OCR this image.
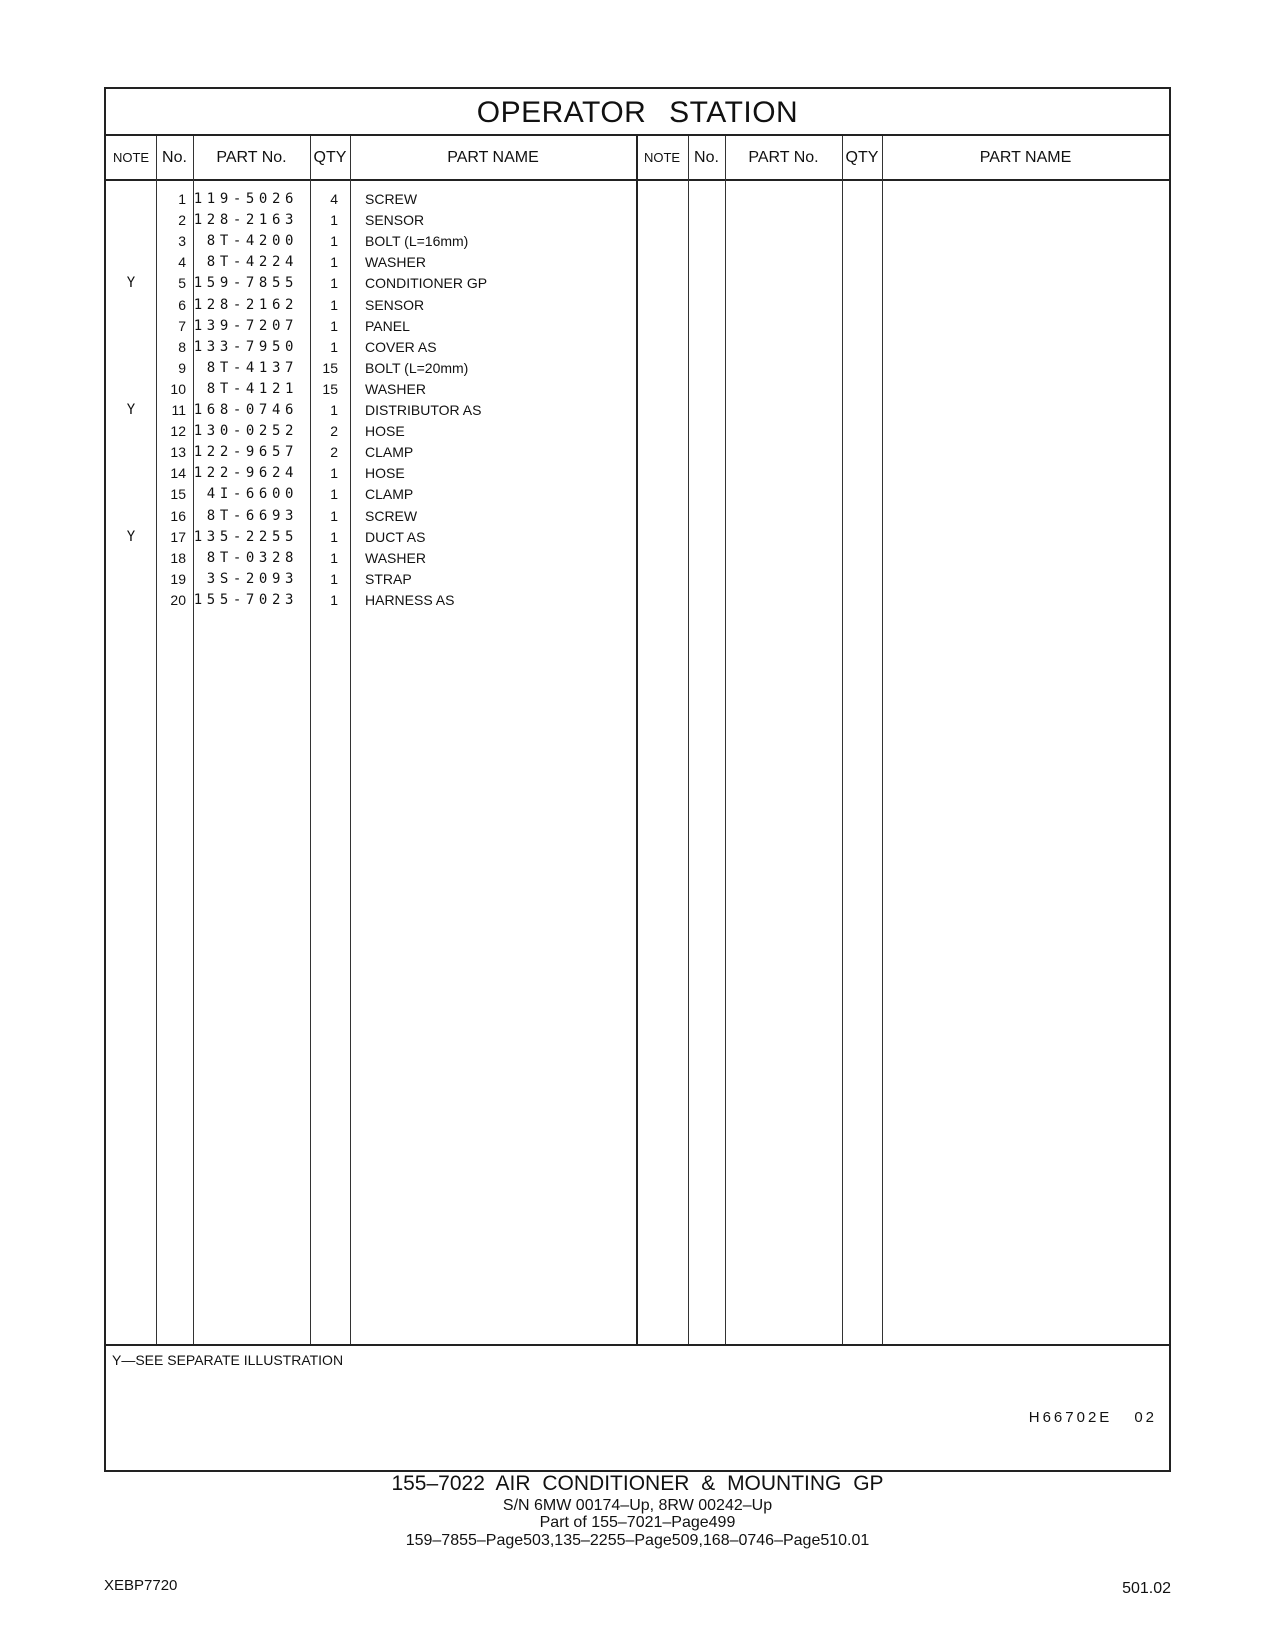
OPERATOR STATION
NOTE No.	PART No.	QTY	PART NAME	NOTE No.	PART No.	QTY	PART NAME
1 119-5026	4 SCREW
2 128-2163	1 SENSOR
3	8T-4200	1 BOLT (L=16mm)
4	8T-4224	1 WASHER
Y	5 159-7855	1 CONDITIONER GP
6 128-2162	1 SENSOR
7 139-7207	1 PANEL
8 133-7950	1 COVER AS
9	8T-4137	15 BOLT (L=20mm)
10	8T-4121	15 WASHER
Y	11 168-0746	1 DISTRIBUTOR AS
12 130-0252	2 HOSE
13 122-9657	2 CLAMP
14 122-9624	1 HOSE
15	4I-6600	1 CLAMP
16	8T-6693	1 SCREW
Y	17 135-2255	1 DUCT AS
18	8T-0328	1 WASHER
19	3S-2093	1 STRAP
20 155-7023	1 HARNESS AS
Y—SEE SEPARATE ILLUSTRATION
H66702E 02
155–7022 AIR CONDITIONER & MOUNTING GP
S/N 6MW 00174–Up, 8RW 00242–Up
Part of 155–7021–Page499
159–7855–Page503,135–2255–Page509,168–0746–Page510.01
XEBP7720	501.02
